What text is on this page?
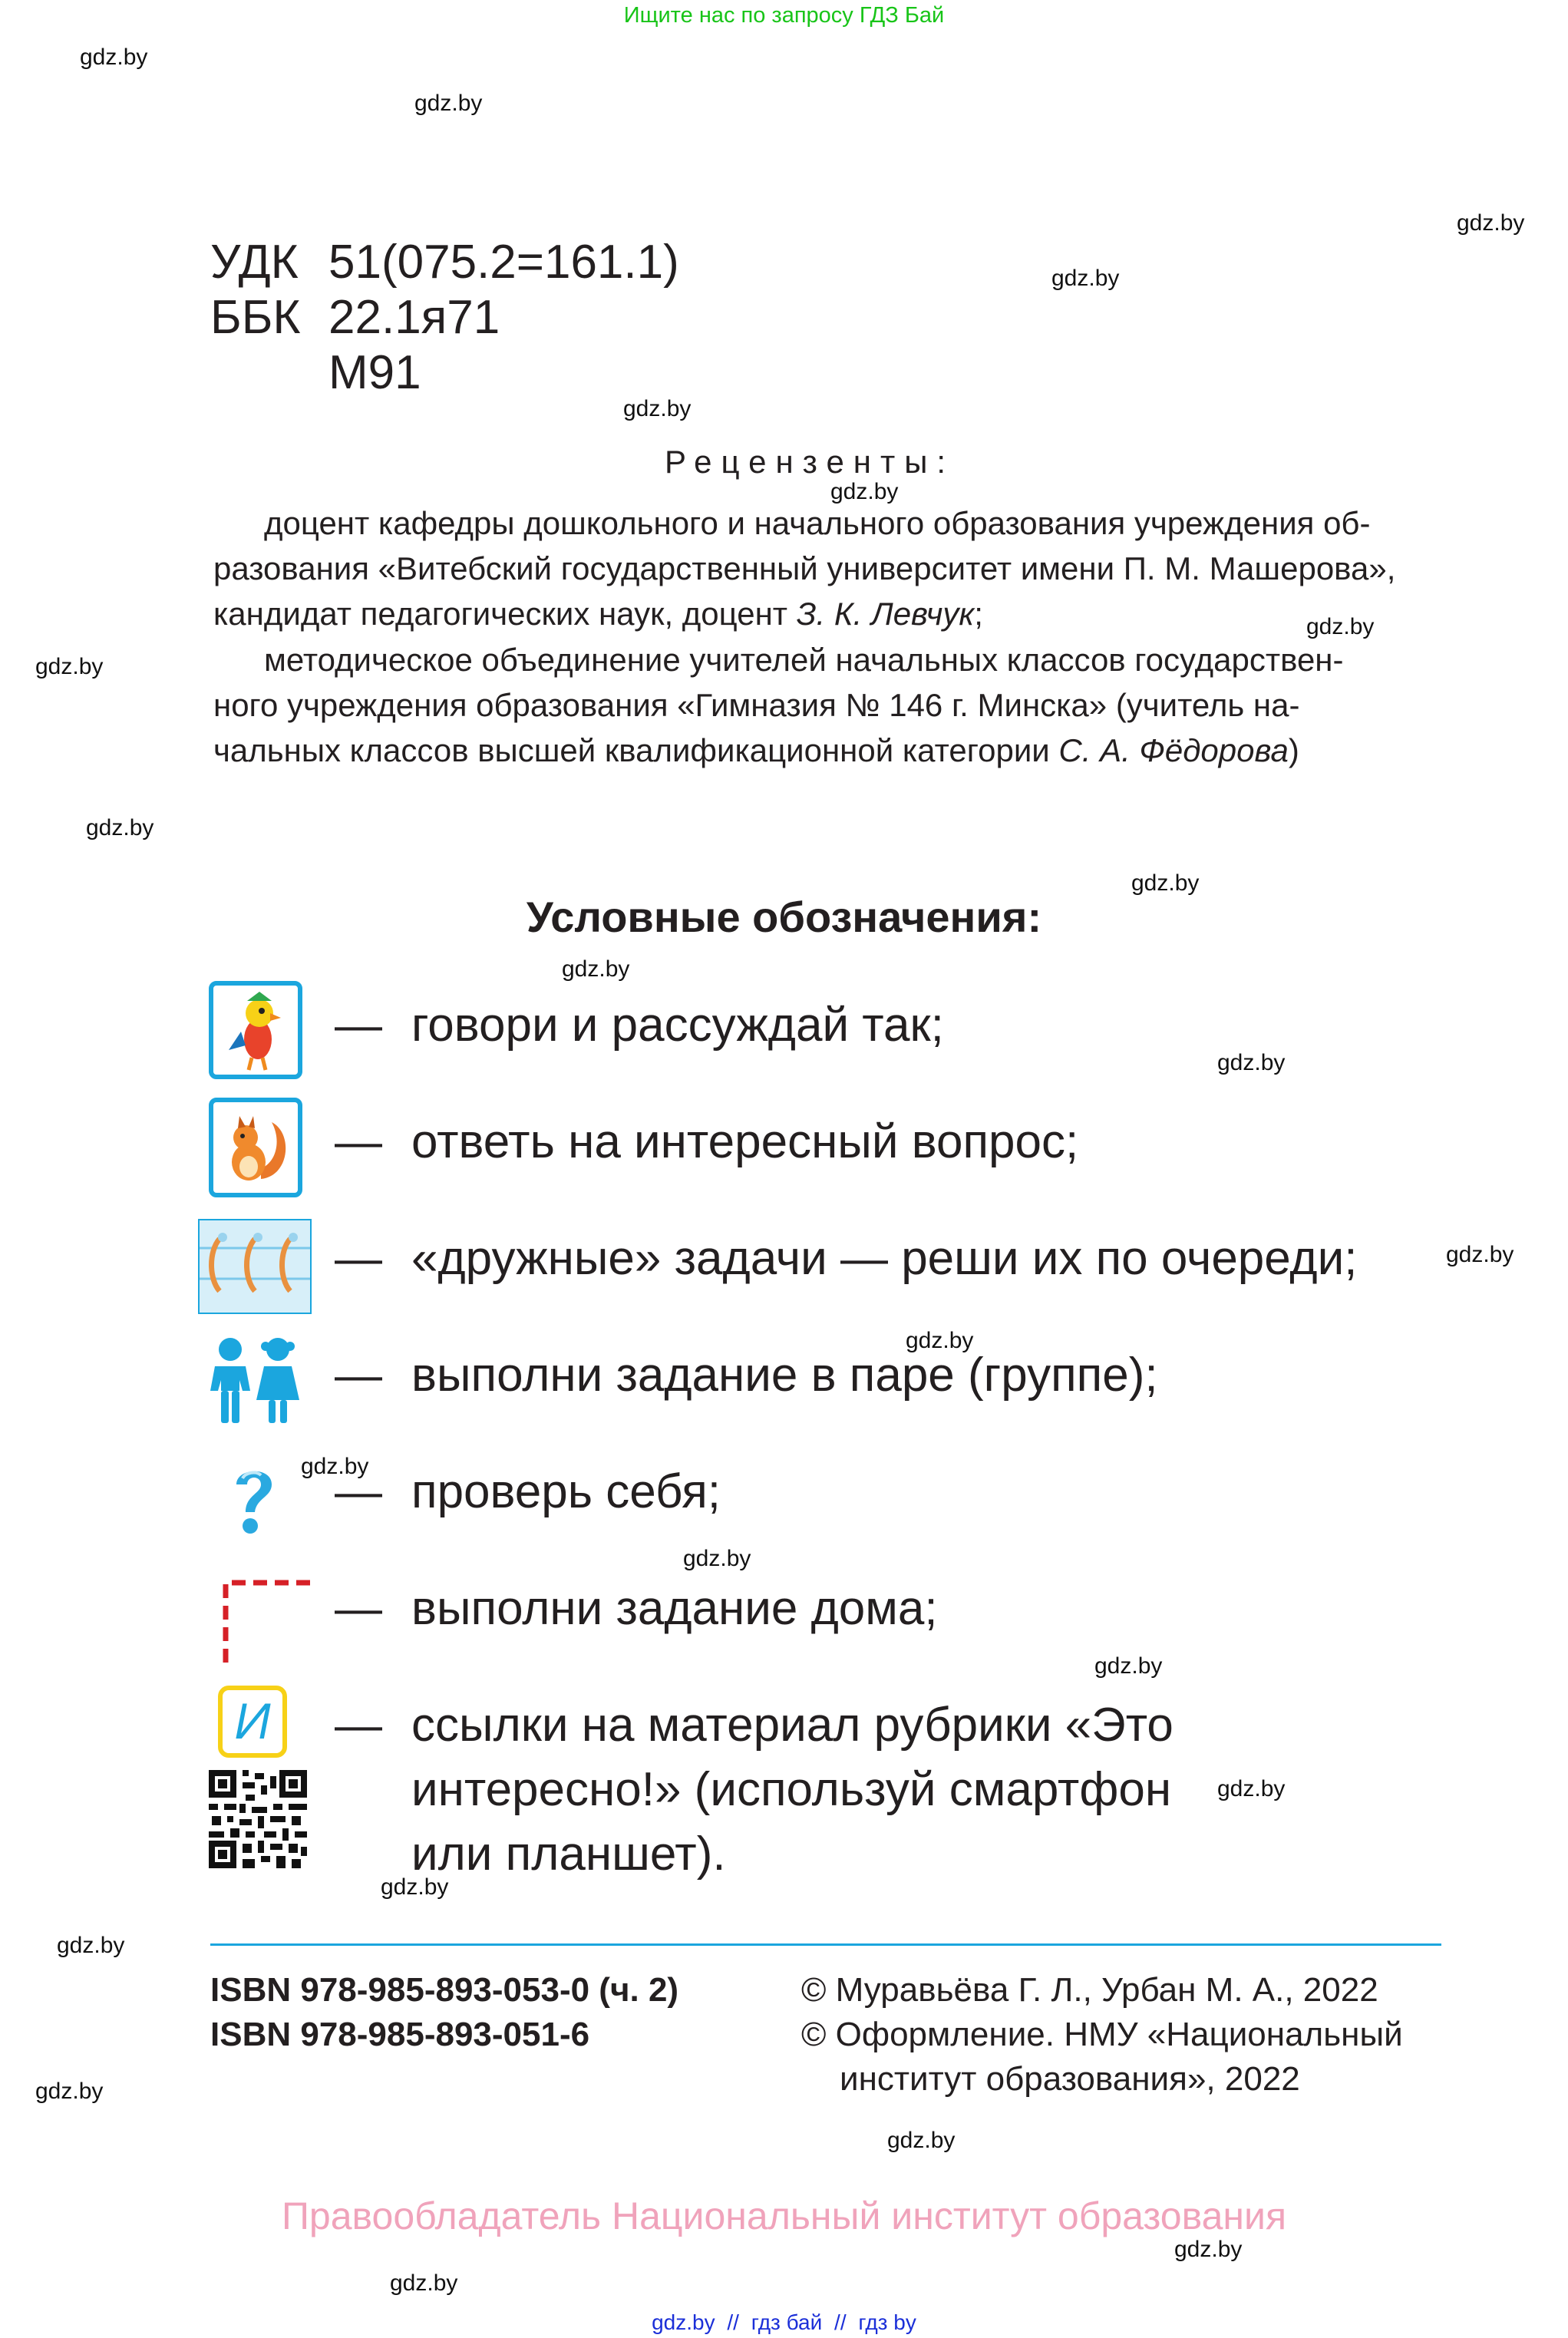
Ищите нас по запросу ГДЗ Бай
gdz.by
gdz.by
gdz.by
gdz.by
gdz.by
gdz.by
gdz.by
gdz.by
gdz.by
gdz.by
gdz.by
gdz.by
gdz.by
gdz.by
gdz.by
gdz.by
gdz.by
gdz.by
gdz.by
gdz.by
gdz.by
gdz.by
gdz.by
gdz.by
УДК 51(075.2=161.1)
ББК 22.1я71
М91
Рецензенты:
доцент кафедры дошкольного и начального образования учреждения об-
разования «Витебский государственный университет имени П. М. Машерова»,
кандидат педагогических наук, доцент З. К. Левчук;
методическое объединение учителей начальных классов государствен-
ного учреждения образования «Гимназия № 146 г. Минска» (учитель на-
чальных классов высшей квалификационной категории С. А. Фёдорова)
Условные обозначения:
— говори и рассуждай так;
— ответь на интересный вопрос;
— «дружные» задачи — реши их по очереди;
— выполни задание в паре (группе);
— проверь себя;
— выполни задание дома;
И	— ссылки на материал рубрики «Это
интересно!» (используй смартфон
или планшет).
ISBN 978-985-893-053-0 (ч. 2)
ISBN 978-985-893-051-6
© Муравьёва Г. Л., Урбан М. А., 2022
© Оформление. НМУ «Национальный
институт образования», 2022
Правообладатель Национальный институт образования
gdz.by // гдз бай // гдз by
